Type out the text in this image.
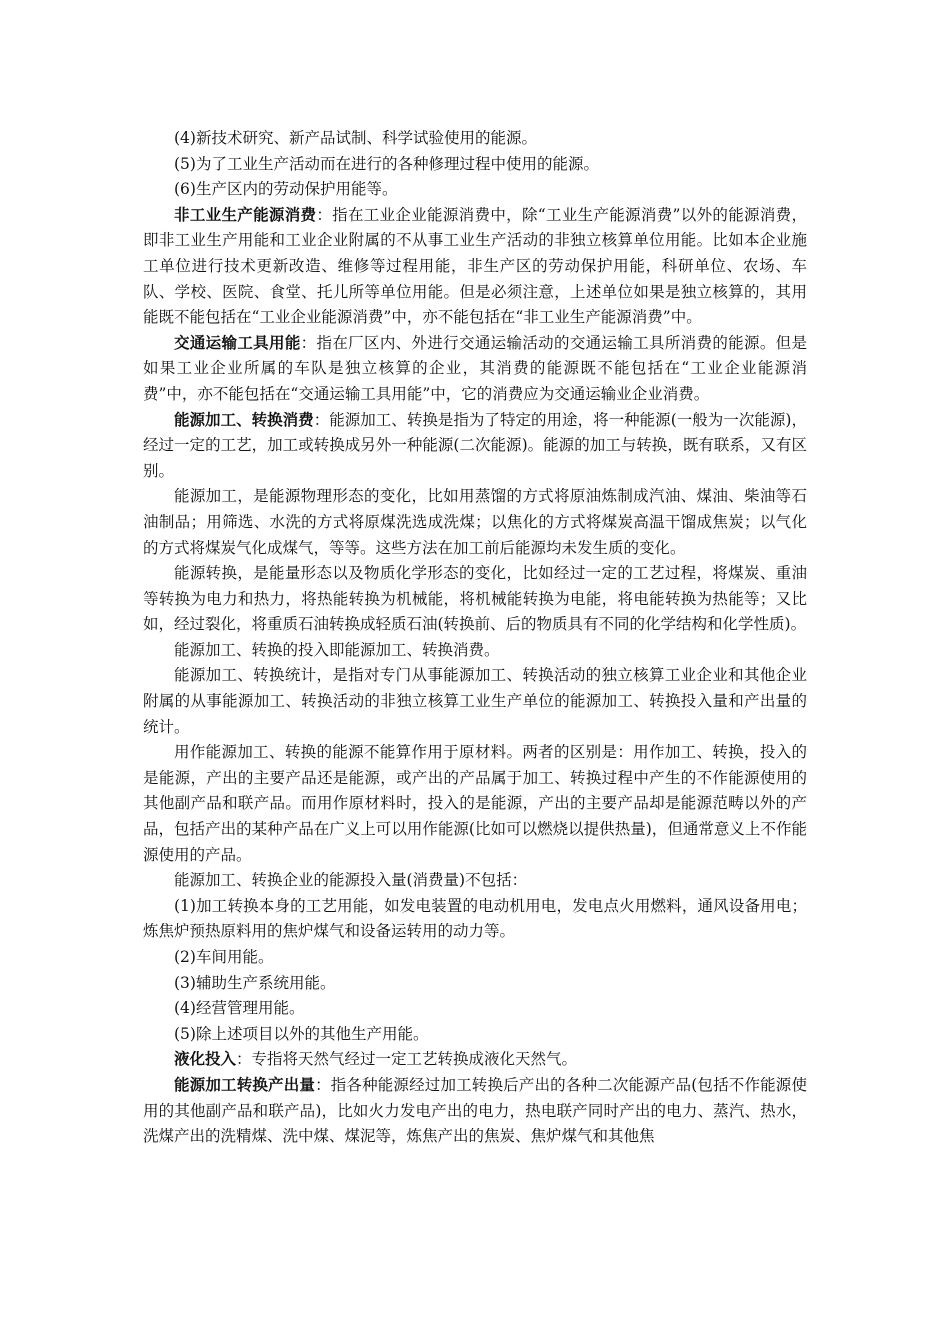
(4)新技术研究、新产品试制、科学试验使用的能源。

(5)为了工业生产活动而在进行的各种修理过程中使用的能源。

(6)生产区内的劳动保护用能等。

非工业生产能源消费：指在工业企业能源消费中，除“工业生产能源消费”以外的能源消费，即非工业生产用能和工业企业附属的不从事工业生产活动的非独立核算单位用能。比如本企业施工单位进行技术更新改造、维修等过程用能，非生产区的劳动保护用能，科研单位、农场、车队、学校、医院、食堂、托儿所等单位用能。但是必须注意，上述单位如果是独立核算的，其用能既不能包括在“工业企业能源消费”中，亦不能包括在“非工业生产能源消费”中。

交通运输工具用能：指在厂区内、外进行交通运输活动的交通运输工具所消费的能源。但是如果工业企业所属的车队是独立核算的企业，其消费的能源既不能包括在“工业企业能源消费”中，亦不能包括在“交通运输工具用能”中，它的消费应为交通运输业企业消费。

能源加工、转换消费：能源加工、转换是指为了特定的用途，将一种能源(一般为一次能源)，经过一定的工艺，加工或转换成另外一种能源(二次能源)。能源的加工与转换，既有联系，又有区别。

能源加工，是能源物理形态的变化，比如用蒸馏的方式将原油炼制成汽油、煤油、柴油等石油制品；用筛选、水洗的方式将原煤洗选成洗煤；以焦化的方式将煤炭高温干馏成焦炭；以气化的方式将煤炭气化成煤气，等等。这些方法在加工前后能源均未发生质的变化。

能源转换，是能量形态以及物质化学形态的变化，比如经过一定的工艺过程，将煤炭、重油等转换为电力和热力，将热能转换为机械能，将机械能转换为电能，将电能转换为热能等；又比如，经过裂化，将重质石油转换成轻质石油(转换前、后的物质具有不同的化学结构和化学性质)。

能源加工、转换的投入即能源加工、转换消费。

能源加工、转换统计，是指对专门从事能源加工、转换活动的独立核算工业企业和其他企业附属的从事能源加工、转换活动的非独立核算工业生产单位的能源加工、转换投入量和产出量的统计。

用作能源加工、转换的能源不能算作用于原材料。两者的区别是：用作加工、转换，投入的是能源，产出的主要产品还是能源，或产出的产品属于加工、转换过程中产生的不作能源使用的其他副产品和联产品。而用作原材料时，投入的是能源，产出的主要产品却是能源范畴以外的产品，包括产出的某种产品在广义上可以用作能源(比如可以燃烧以提供热量)，但通常意义上不作能源使用的产品。

能源加工、转换企业的能源投入量(消费量)不包括：

(1)加工转换本身的工艺用能，如发电装置的电动机用电，发电点火用燃料，通风设备用电；炼焦炉预热原料用的焦炉煤气和设备运转用的动力等。

(2)车间用能。

(3)辅助生产系统用能。

(4)经营管理用能。

(5)除上述项目以外的其他生产用能。

液化投入：专指将天然气经过一定工艺转换成液化天然气。

能源加工转换产出量：指各种能源经过加工转换后产出的各种二次能源产品(包括不作能源使用的其他副产品和联产品)，比如火力发电产出的电力，热电联产同时产出的电力、蒸汽、热水，洗煤产出的洗精煤、洗中煤、煤泥等，炼焦产出的焦炭、焦炉煤气和其他焦
